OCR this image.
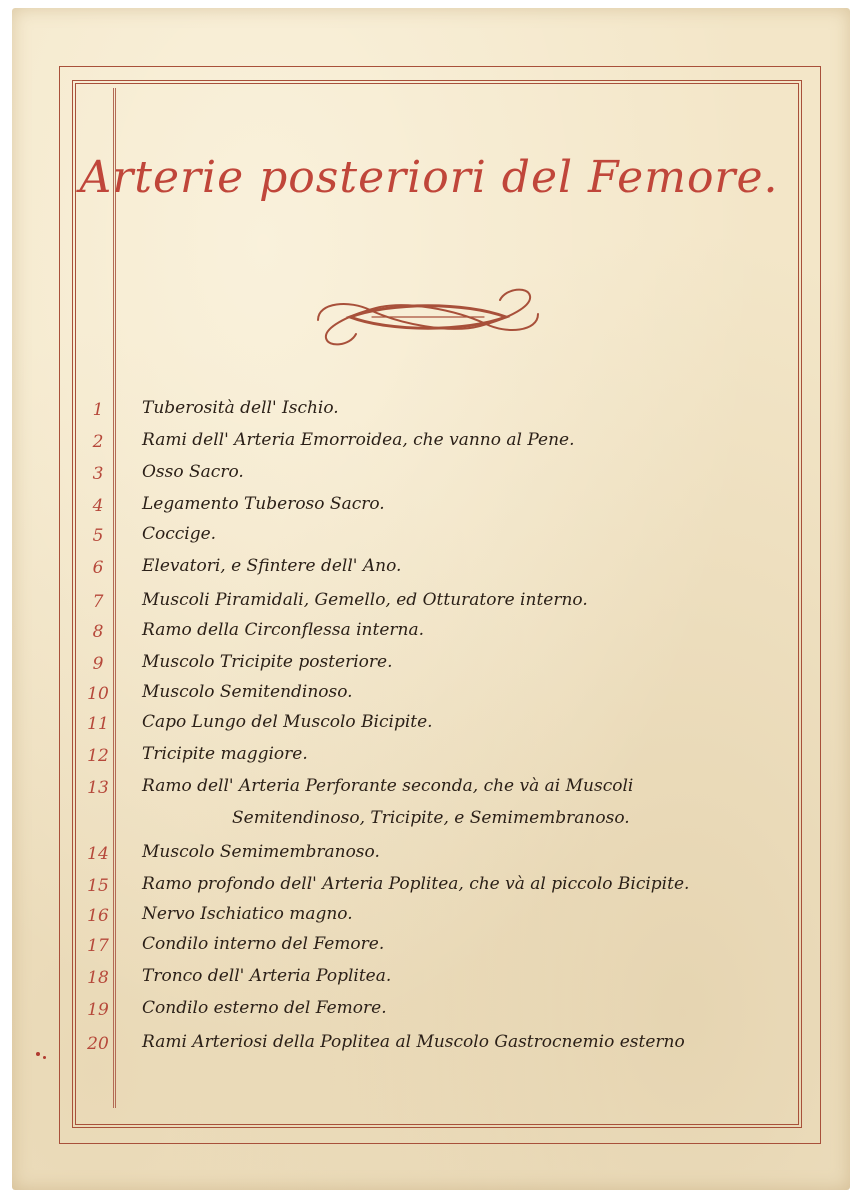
Arterie posteriori del Femore.
1	Tuberosità dell' Ischio.
2	Rami dell' Arteria Emorroidea, che vanno al Pene.
3	Osso Sacro.
4	Legamento Tuberoso Sacro.
5	Coccige.
6	Elevatori, e Sfintere dell' Ano.
7	Muscoli Piramidali, Gemello, ed Otturatore interno.
8	Ramo della Circonflessa interna.
9	Muscolo Tricipite posteriore.
10	Muscolo Semitendinoso.
11	Capo Lungo del Muscolo Bicipite.
12	Tricipite maggiore.
13	Ramo dell' Arteria Perforante seconda, che và ai Muscoli
Semitendinoso, Tricipite, e Semimembranoso.
14	Muscolo Semimembranoso.
15	Ramo profondo dell' Arteria Poplitea, che và al piccolo Bicipite.
16	Nervo Ischiatico magno.
17	Condilo interno del Femore.
18	Tronco dell' Arteria Poplitea.
19	Condilo esterno del Femore.
20	Rami Arteriosi della Poplitea al Muscolo Gastrocnemio esterno
